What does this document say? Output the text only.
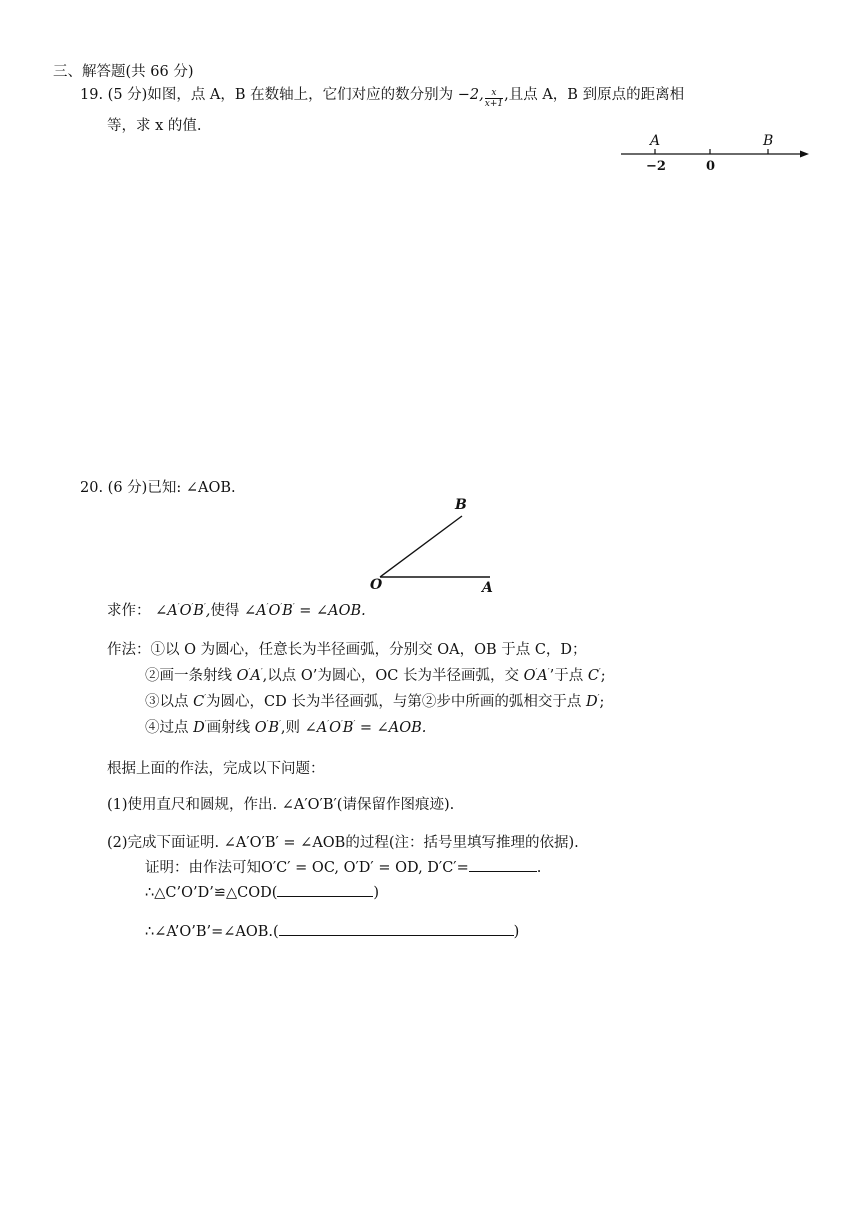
三、解答题(共 66 分)
19. (5 分)如图，点 A，B 在数轴上，它们对应的数分别为 −2, $\frac{x}{x+1}$ ,且点 A，B 到原点的距离相
等，求 x 的值.
A	B
−2	0
20. (6 分)已知: ∠AOB.
O	A
B
求作： ∠A′O′B′,使得 ∠A′O′B′ = ∠AOB.
作法：①以 O 为圆心，任意长为半径画弧，分别交 OA，OB 于点 C，D；
②画一条射线 O′A′,以点 O’为圆心，OC 长为半径画弧，交 O′A′’于点 C′;
③以点 C′为圆心，CD 长为半径画弧，与第②步中所画的弧相交于点 D′;
④过点 D′画射线 O′B′,则 ∠A′O′B′ = ∠AOB.
根据上面的作法，完成以下问题：
(1)使用直尺和圆规，作出. ∠A′O′B′(请保留作图痕迹).
(2)完成下面证明. ∠A′O′B′ = ∠AOB的过程(注：括号里填写推理的依据).
证明：由作法可知O′C′ = OC, O′D′ = OD, D′C′=	.
∴△C’O’D’≌△COD(	)
∴∠A’O’B’=∠AOB.(	)
